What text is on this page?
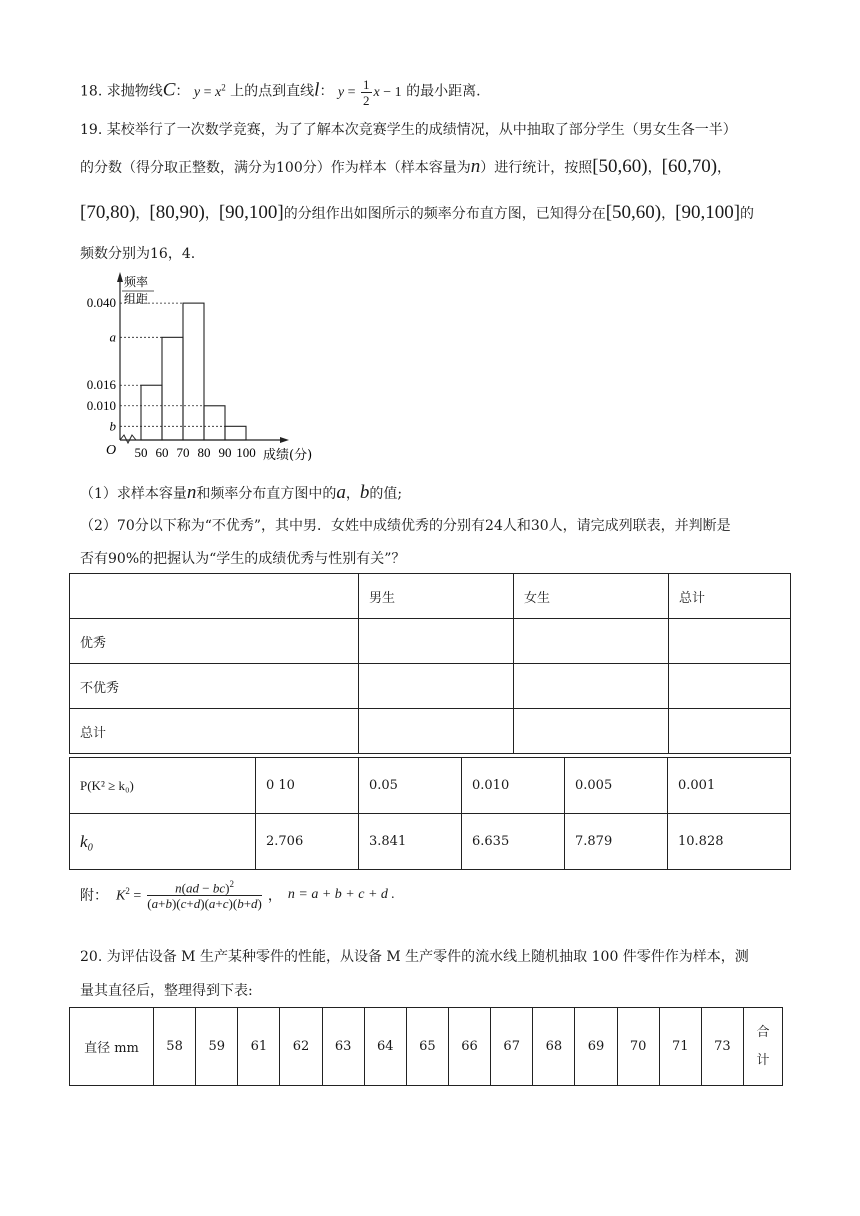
18. 求抛物线C： $y = x^2$ 上的点到直线l： $y = \frac{1}{2}$ x − 1 的最小距离.
19. 某校举行了一次数学竞赛，为了了解本次竞赛学生的成绩情况，从中抽取了部分学生（男女生各一半）
的分数（得分取正整数，满分为100分）作为样本（样本容量为n）进行统计，按照[50,60)，[60,70)，
[70,80)，[80,90)，[90,100]的分组作出如图所示的频率分布直方图，已知得分在[50,60)，[90,100]的
频数分别为16，4.
频率
组距
0.040
a
0.016
0.010
b
50 60 70 80 90 100
O	成绩(分)
（1）求样本容量n和频率分布直方图中的a，b的值;
（2）70分以下称为“不优秀”，其中男．女姓中成绩优秀的分别有24人和30人，请完成列联表，并判断是
否有90%的把握认为“学生的成绩优秀与性别有关”？
	男生	女生	总计
优秀			
不优秀			
总计			
P(K² ≥ k₀)	0 10	0.05	0.010	0.005	0.001
k₀	2.706	3.841	6.635	7.879	10.828
附： $K^2 = \frac{n(ad - bc)^2}{(a+b)(c+d)(a+c)(b+d)}$ ， n = a + b + c + d .
20. 为评估设备 M 生产某种零件的性能，从设备 M 生产零件的流水线上随机抽取 100 件零件作为样本，测
量其直径后，整理得到下表:
直径 mm	58	59	61	62	63	64	65	66	67	68	69	70	71	73	
合
计
